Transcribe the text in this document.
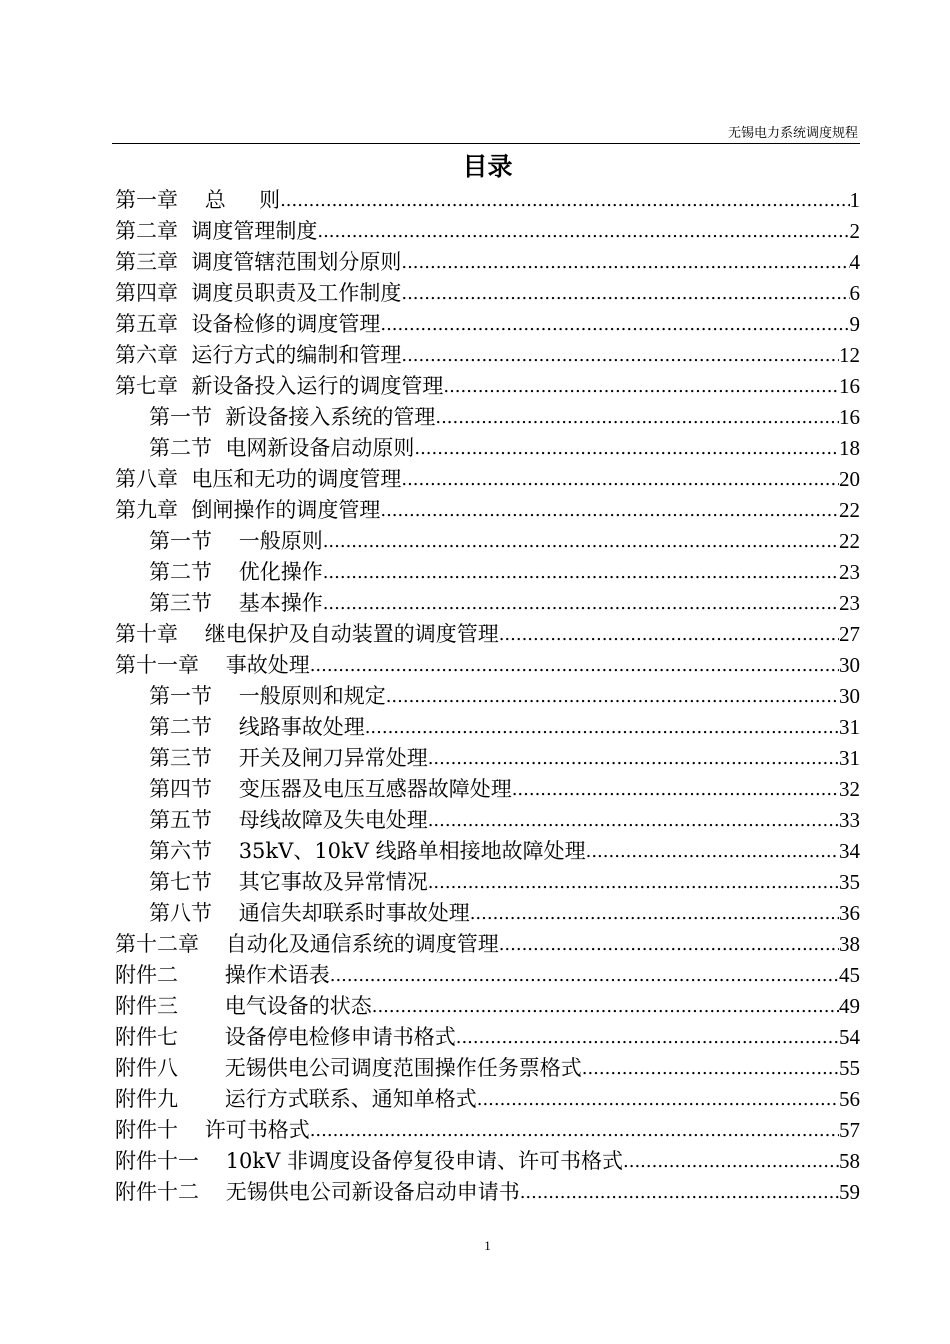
无锡电力系统调度规程
目录
第一章    总     则 .....	1
第二章  调度管理制度 .....	2
第三章  调度管辖范围划分原则 .....	4
第四章  调度员职责及工作制度 .....	6
第五章  设备检修的调度管理 .....	9
第六章  运行方式的编制和管理 .....	12
第七章  新设备投入运行的调度管理 .....	16
第一节  新设备接入系统的管理 .....	16
第二节  电网新设备启动原则 .....	18
第八章  电压和无功的调度管理 .....	20
第九章  倒闸操作的调度管理 .....	22
第一节    一般原则 .....	22
第二节    优化操作 .....	23
第三节    基本操作 .....	23
第十章    继电保护及自动装置的调度管理 .....	27
第十一章    事故处理 .....	30
第一节    一般原则和规定 .....	30
第二节    线路事故处理 .....	31
第三节    开关及闸刀异常处理 .....	31
第四节    变压器及电压互感器故障处理 .....	32
第五节    母线故障及失电处理 .....	33
第六节    35kV、10kV 线路单相接地故障处理 .....	34
第七节    其它事故及异常情况 .....	35
第八节    通信失却联系时事故处理 .....	36
第十二章    自动化及通信系统的调度管理 .....	38
附件二       操作术语表 .....	45
附件三       电气设备的状态 .....	49
附件七       设备停电检修申请书格式 .....	54
附件八       无锡供电公司调度范围操作任务票格式 .....	55
附件九       运行方式联系、通知单格式 .....	56
附件十    许可书格式 .....	57
附件十一    10kV 非调度设备停复役申请、许可书格式 .....	58
附件十二    无锡供电公司新设备启动申请书 .....	59
1
